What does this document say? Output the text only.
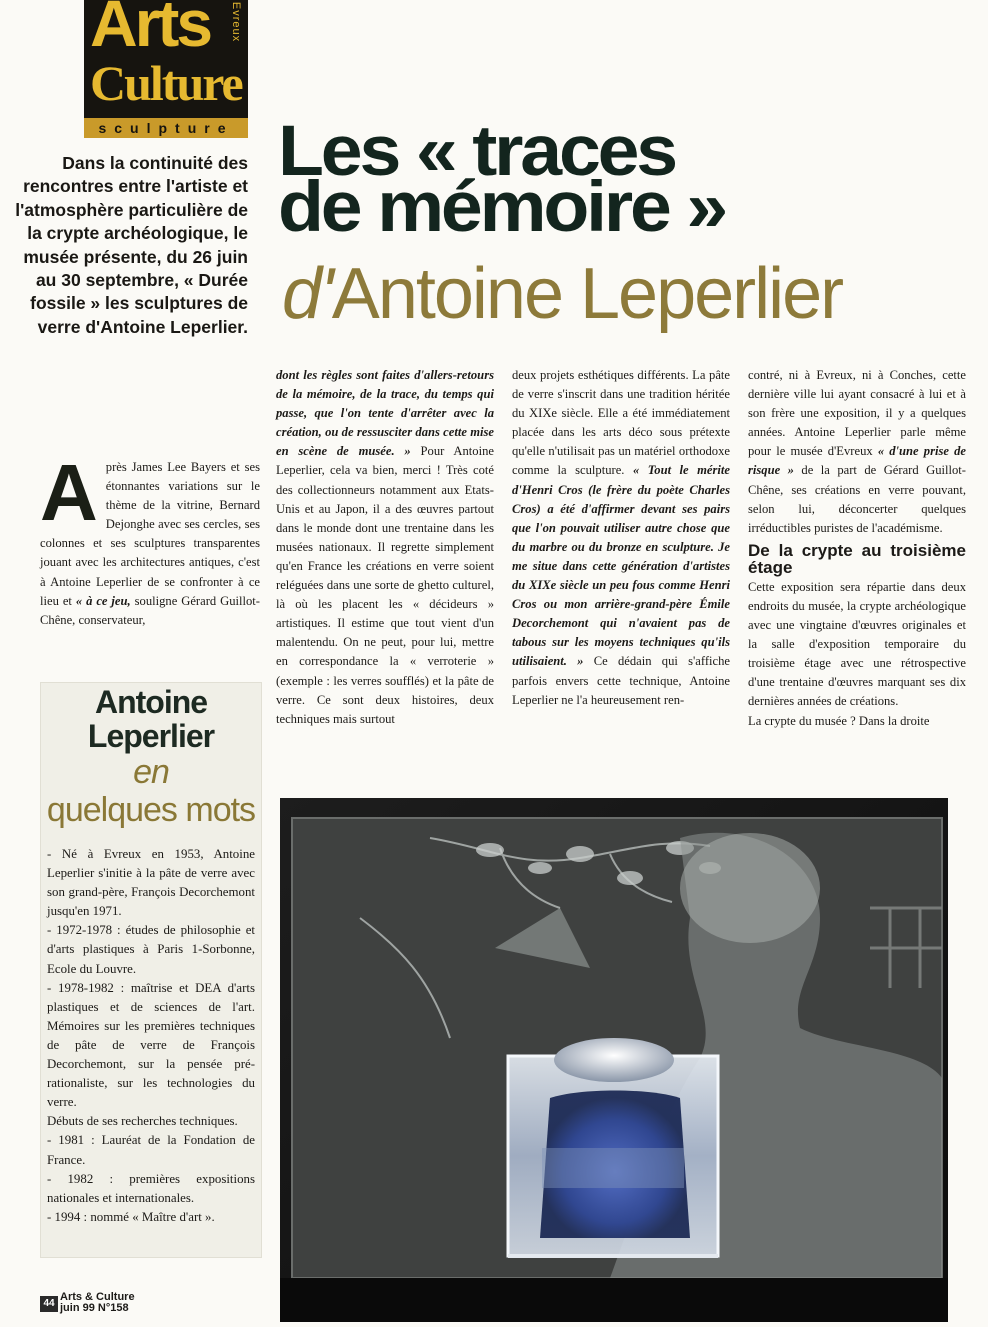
Arts
Culture
Evreux
sculpture
Dans la continuité des rencontres entre l'artiste et l'atmosphère particulière de la crypte archéologique, le musée présente, du 26 juin au 30 septembre, « Durée fossile » les sculptures de verre d'Antoine Leperlier.
Les « traces
de mémoire »
d'Antoine Leperlier
A près James Lee Bayers et ses étonnantes variations sur le thème de la vitrine, Bernard Dejonghe avec ses cercles, ses colonnes et ses sculptures transparentes jouant avec les architectures antiques, c'est à Antoine Leperlier de se confronter à ce lieu et « à ce jeu, souligne Gérard Guillot-Chêne, conservateur,
dont les règles sont faites d'allers-retours de la mémoire, de la trace, du temps qui passe, que l'on tente d'arrêter avec la création, ou de ressusciter dans cette mise en scène de musée. » Pour Antoine Leperlier, cela va bien, merci ! Très coté des collectionneurs notamment aux Etats-Unis et au Japon, il a des œuvres partout dans le monde dont une trentaine dans les musées nationaux. Il regrette simplement qu'en France les créations en verre soient reléguées dans une sorte de ghetto culturel, là où les placent les « décideurs » artistiques. Il estime que tout vient d'un malentendu. On ne peut, pour lui, mettre en correspondance la « verroterie » (exemple : les verres soufflés) et la pâte de verre. Ce sont deux histoires, deux techniques mais surtout
deux projets esthétiques différents. La pâte de verre s'inscrit dans une tradition héritée du XIXe siècle. Elle a été immédiatement placée dans les arts déco sous prétexte qu'elle n'utilisait pas un matériel orthodoxe comme la sculpture. « Tout le mérite d'Henri Cros (le frère du poète Charles Cros) a été d'affirmer devant ses pairs que l'on pouvait utiliser autre chose que du marbre ou du bronze en sculpture. Je me situe dans cette génération d'artistes du XIXe siècle un peu fous comme Henri Cros ou mon arrière-grand-père Émile Decorchemont qui n'avaient pas de tabous sur les moyens techniques qu'ils utilisaient. » Ce dédain qui s'affiche parfois envers cette technique, Antoine Leperlier ne l'a heureusement ren-
contré, ni à Evreux, ni à Conches, cette dernière ville lui ayant consacré à lui et à son frère une exposition, il y a quelques années. Antoine Leperlier parle même pour le musée d'Evreux « d'une prise de risque » de la part de Gérard Guillot-Chêne, ses créations en verre pouvant, selon lui, déconcerter quelques irréductibles puristes de l'académisme.
De la crypte au troisième étage
Cette exposition sera répartie dans deux endroits du musée, la crypte archéologique avec une vingtaine d'œuvres originales et la salle d'exposition temporaire du troisième étage avec une rétrospective d'une trentaine d'œuvres marquant ses dix dernières années de créations.
La crypte du musée ? Dans la droite
Antoine
Leperlier
en
quelques mots
- Né à Evreux en 1953, Antoine Leperlier s'initie à la pâte de verre avec son grand-père, François Decorchemont jusqu'en 1971.
- 1972-1978 : études de philosophie et d'arts plastiques à Paris 1-Sorbonne, Ecole du Louvre.
- 1978-1982 : maîtrise et DEA d'arts plastiques et de sciences de l'art. Mémoires sur les premières techniques de pâte de verre de François Decorchemont, sur la pensée pré-rationaliste, sur les technologies du verre.
Débuts de ses recherches techniques.
- 1981 : Lauréat de la Fondation de France.
- 1982 : premières expositions nationales et internationales.
- 1994 : nommé « Maître d'art ».
44
Arts & Culture
juin 99 N°158
